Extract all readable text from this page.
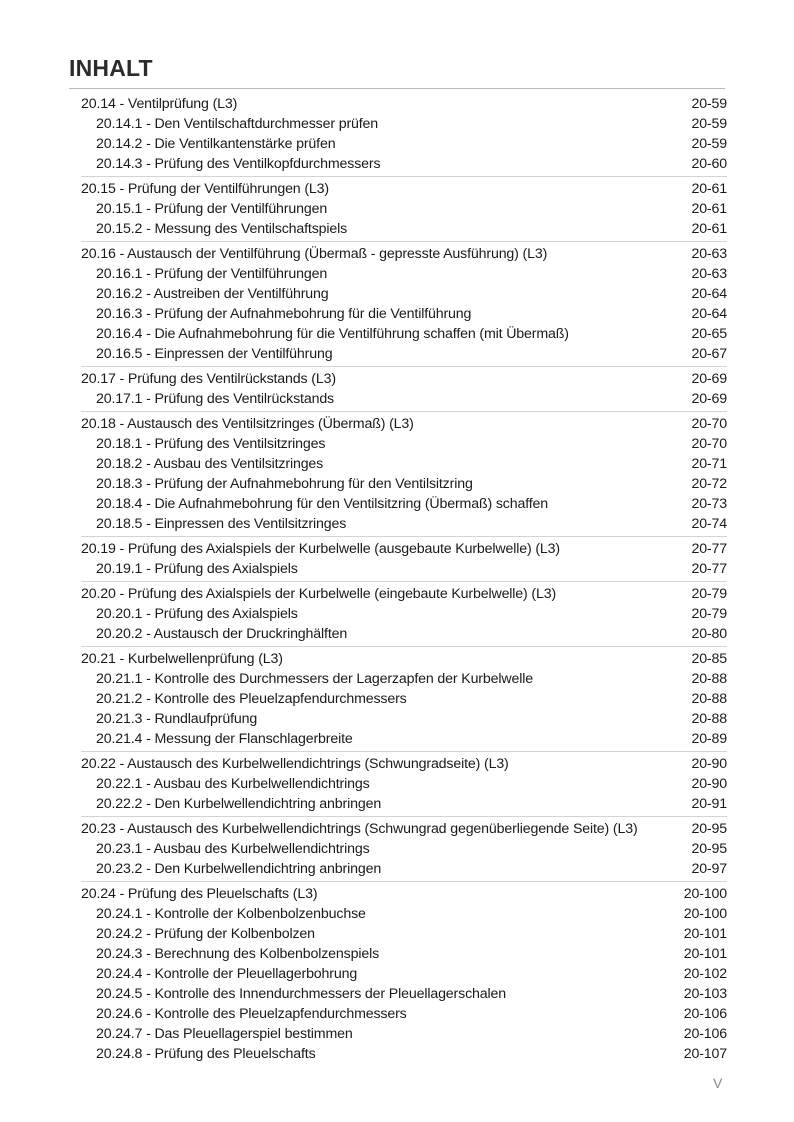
INHALT
20.14 - Ventilprüfung (L3)	20-59
20.14.1 - Den Ventilschaftdurchmesser prüfen	20-59
20.14.2 - Die Ventilkantenstärke prüfen	20-59
20.14.3 - Prüfung des Ventilkopfdurchmessers	20-60
20.15 - Prüfung der Ventilführungen (L3)	20-61
20.15.1 - Prüfung der Ventilführungen	20-61
20.15.2 - Messung des Ventilschaftspiels	20-61
20.16 - Austausch der Ventilführung (Übermaß - gepresste Ausführung) (L3)	20-63
20.16.1 - Prüfung der Ventilführungen	20-63
20.16.2 - Austreiben der Ventilführung	20-64
20.16.3 - Prüfung der Aufnahmebohrung für die Ventilführung	20-64
20.16.4 - Die Aufnahmebohrung für die Ventilführung schaffen (mit Übermaß)	20-65
20.16.5 - Einpressen der Ventilführung	20-67
20.17 - Prüfung des Ventilrückstands (L3)	20-69
20.17.1 - Prüfung des Ventilrückstands	20-69
20.18 - Austausch des Ventilsitzringes (Übermaß) (L3)	20-70
20.18.1 - Prüfung des Ventilsitzringes	20-70
20.18.2 - Ausbau des Ventilsitzringes	20-71
20.18.3 - Prüfung der Aufnahmebohrung für den Ventilsitzring	20-72
20.18.4 - Die Aufnahmebohrung für den Ventilsitzring (Übermaß) schaffen	20-73
20.18.5 - Einpressen des Ventilsitzringes	20-74
20.19 - Prüfung des Axialspiels der Kurbelwelle (ausgebaute Kurbelwelle) (L3)	20-77
20.19.1 - Prüfung des Axialspiels	20-77
20.20 - Prüfung des Axialspiels der Kurbelwelle (eingebaute Kurbelwelle) (L3)	20-79
20.20.1 - Prüfung des Axialspiels	20-79
20.20.2 - Austausch der Druckringhälften	20-80
20.21 - Kurbelwellenprüfung (L3)	20-85
20.21.1 - Kontrolle des Durchmessers der Lagerzapfen der Kurbelwelle	20-88
20.21.2 - Kontrolle des Pleuelzapfendurchmessers	20-88
20.21.3 - Rundlaufprüfung	20-88
20.21.4 - Messung der Flanschlagerbreite	20-89
20.22 - Austausch des Kurbelwellendichtrings (Schwungradseite) (L3)	20-90
20.22.1 - Ausbau des Kurbelwellendichtrings	20-90
20.22.2 - Den Kurbelwellendichtring anbringen	20-91
20.23 - Austausch des Kurbelwellendichtrings (Schwungrad gegenüberliegende Seite) (L3)	20-95
20.23.1 - Ausbau des Kurbelwellendichtrings	20-95
20.23.2 - Den Kurbelwellendichtring anbringen	20-97
20.24 - Prüfung des Pleuelschafts (L3)	20-100
20.24.1 - Kontrolle der Kolbenbolzenbuchse	20-100
20.24.2 - Prüfung der Kolbenbolzen	20-101
20.24.3 - Berechnung des Kolbenbolzenspiels	20-101
20.24.4 - Kontrolle der Pleuellagerbohrung	20-102
20.24.5 - Kontrolle des Innendurchmessers der Pleuellagerschalen	20-103
20.24.6 - Kontrolle des Pleuelzapfendurchmessers	20-106
20.24.7 - Das Pleuellagerspiel bestimmen	20-106
20.24.8 - Prüfung des Pleuelschafts	20-107
V
